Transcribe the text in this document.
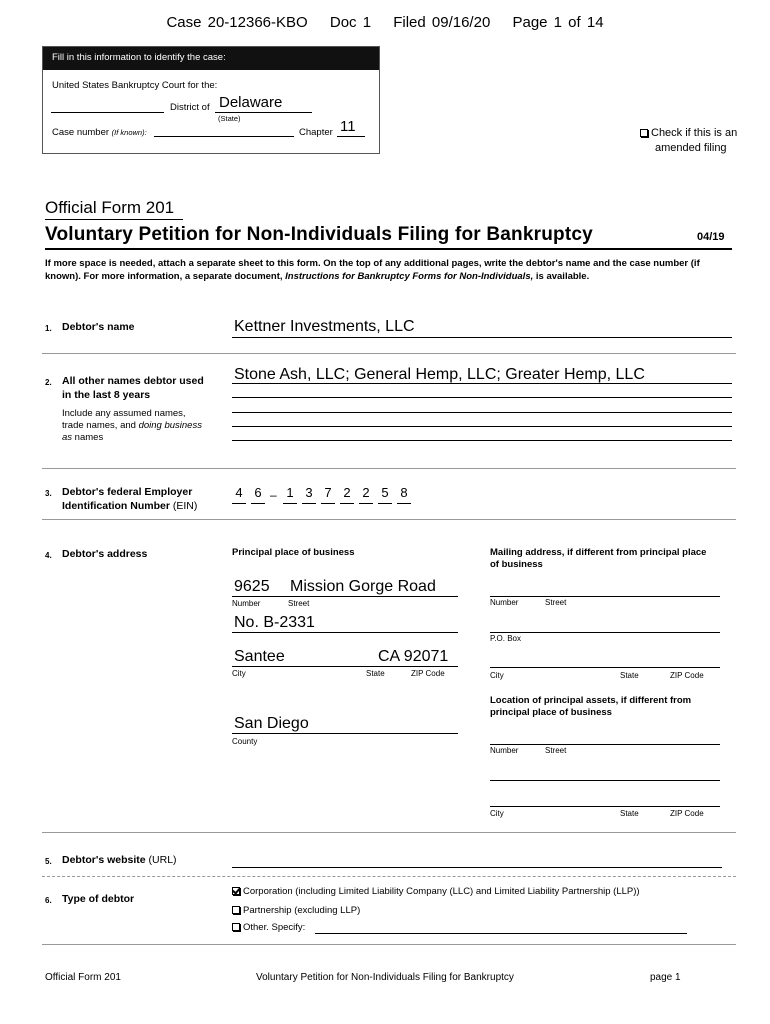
Case 20-12366-KBO Doc 1 Filed 09/16/20 Page 1 of 14
Fill in this information to identify the case:
United States Bankruptcy Court for the:
District of Delaware
(State)
Case number (If known):	Chapter 11	Check if this is an
amended filing
Official Form 201
Voluntary Petition for Non-Individuals Filing for Bankruptcy	04/19
If more space is needed, attach a separate sheet to this form. On the top of any additional pages, write the debtor's name and the case number (if known). For more information, a separate document, Instructions for Bankruptcy Forms for Non-Individuals, is available.
1. Debtor's name	Kettner Investments, LLC
2. All other names debtor used
in the last 8 years
Include any assumed names,
trade names, and doing business
as names
Stone Ash, LLC; General Hemp, LLC; Greater Hemp, LLC
3. Debtor's federal Employer
Identification Number (EIN)
4 6 – 1 3 7 2 2 5 8
4. Debtor's address	Principal place of business
9625 Mission Gorge Road
Number	Street
No. B-2331
Santee	CA 92071
City	State	ZIP Code
San Diego
County
Mailing address, if different from principal place
of business
Number	Street
P.O. Box
City	State	ZIP Code
Location of principal assets, if different from
principal place of business
Number	Street
City	State	ZIP Code
5. Debtor's website (URL)
6. Type of debtor
Corporation (including Limited Liability Company (LLC) and Limited Liability Partnership (LLP))
Partnership (excluding LLP)
Other. Specify:
Official Form 201	Voluntary Petition for Non-Individuals Filing for Bankruptcy	page 1
